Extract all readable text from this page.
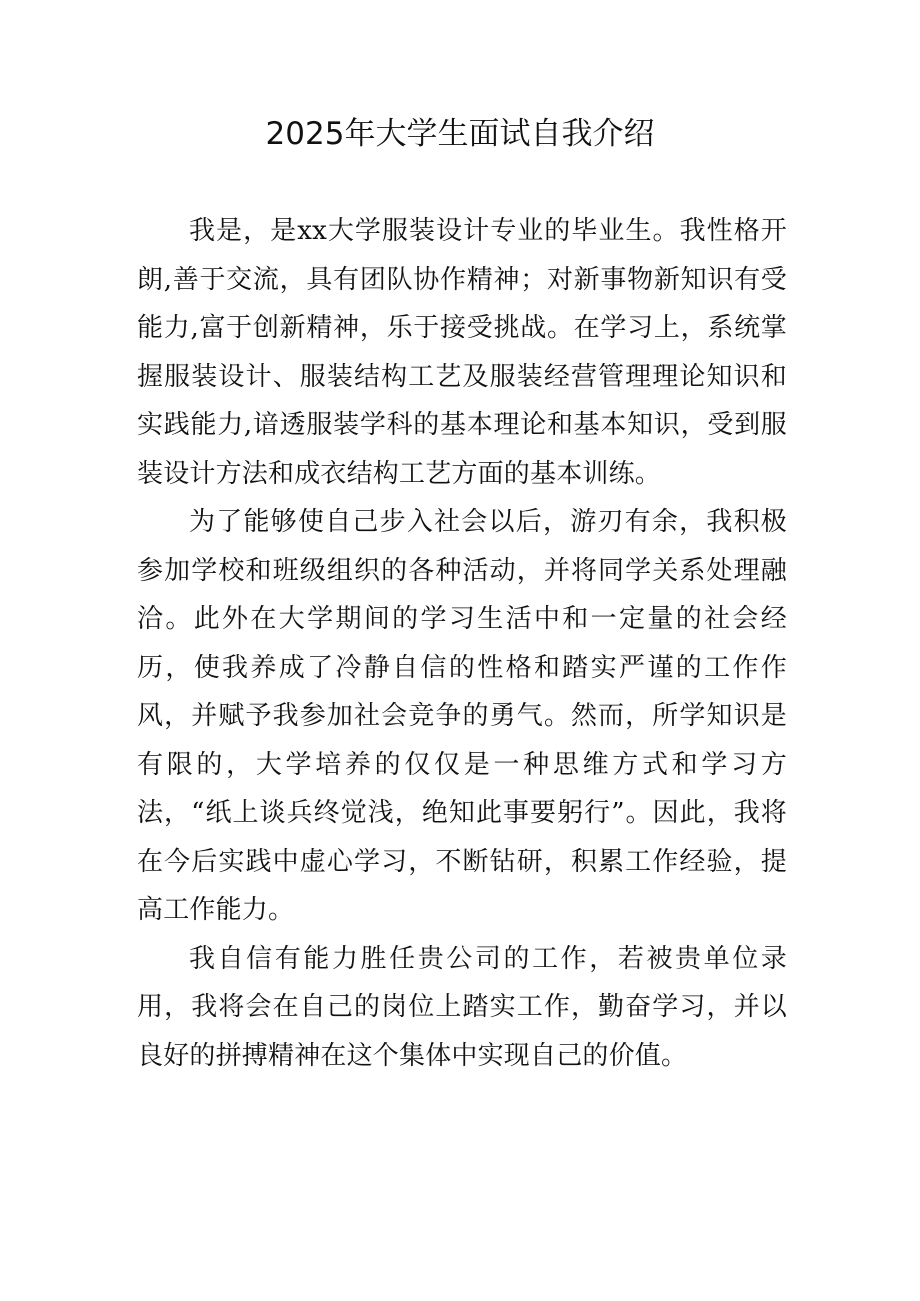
2025年大学生面试自我介绍

我是，是xx大学服装设计专业的毕业生。我性格开朗,善于交流，具有团队协作精神；对新事物新知识有受能力,富于创新精神，乐于接受挑战。在学习上，系统掌握服装设计、服装结构工艺及服装经营管理理论知识和实践能力,谙透服装学科的基本理论和基本知识，受到服装设计方法和成衣结构工艺方面的基本训练。

为了能够使自己步入社会以后，游刃有余，我积极参加学校和班级组织的各种活动，并将同学关系处理融洽。此外在大学期间的学习生活中和一定量的社会经历，使我养成了冷静自信的性格和踏实严谨的工作作风，并赋予我参加社会竞争的勇气。然而，所学知识是有限的，大学培养的仅仅是一种思维方式和学习方法，“纸上谈兵终觉浅，绝知此事要躬行”。因此，我将在今后实践中虚心学习，不断钻研，积累工作经验，提高工作能力。

我自信有能力胜任贵公司的工作，若被贵单位录用，我将会在自己的岗位上踏实工作，勤奋学习，并以良好的拼搏精神在这个集体中实现自己的价值。
